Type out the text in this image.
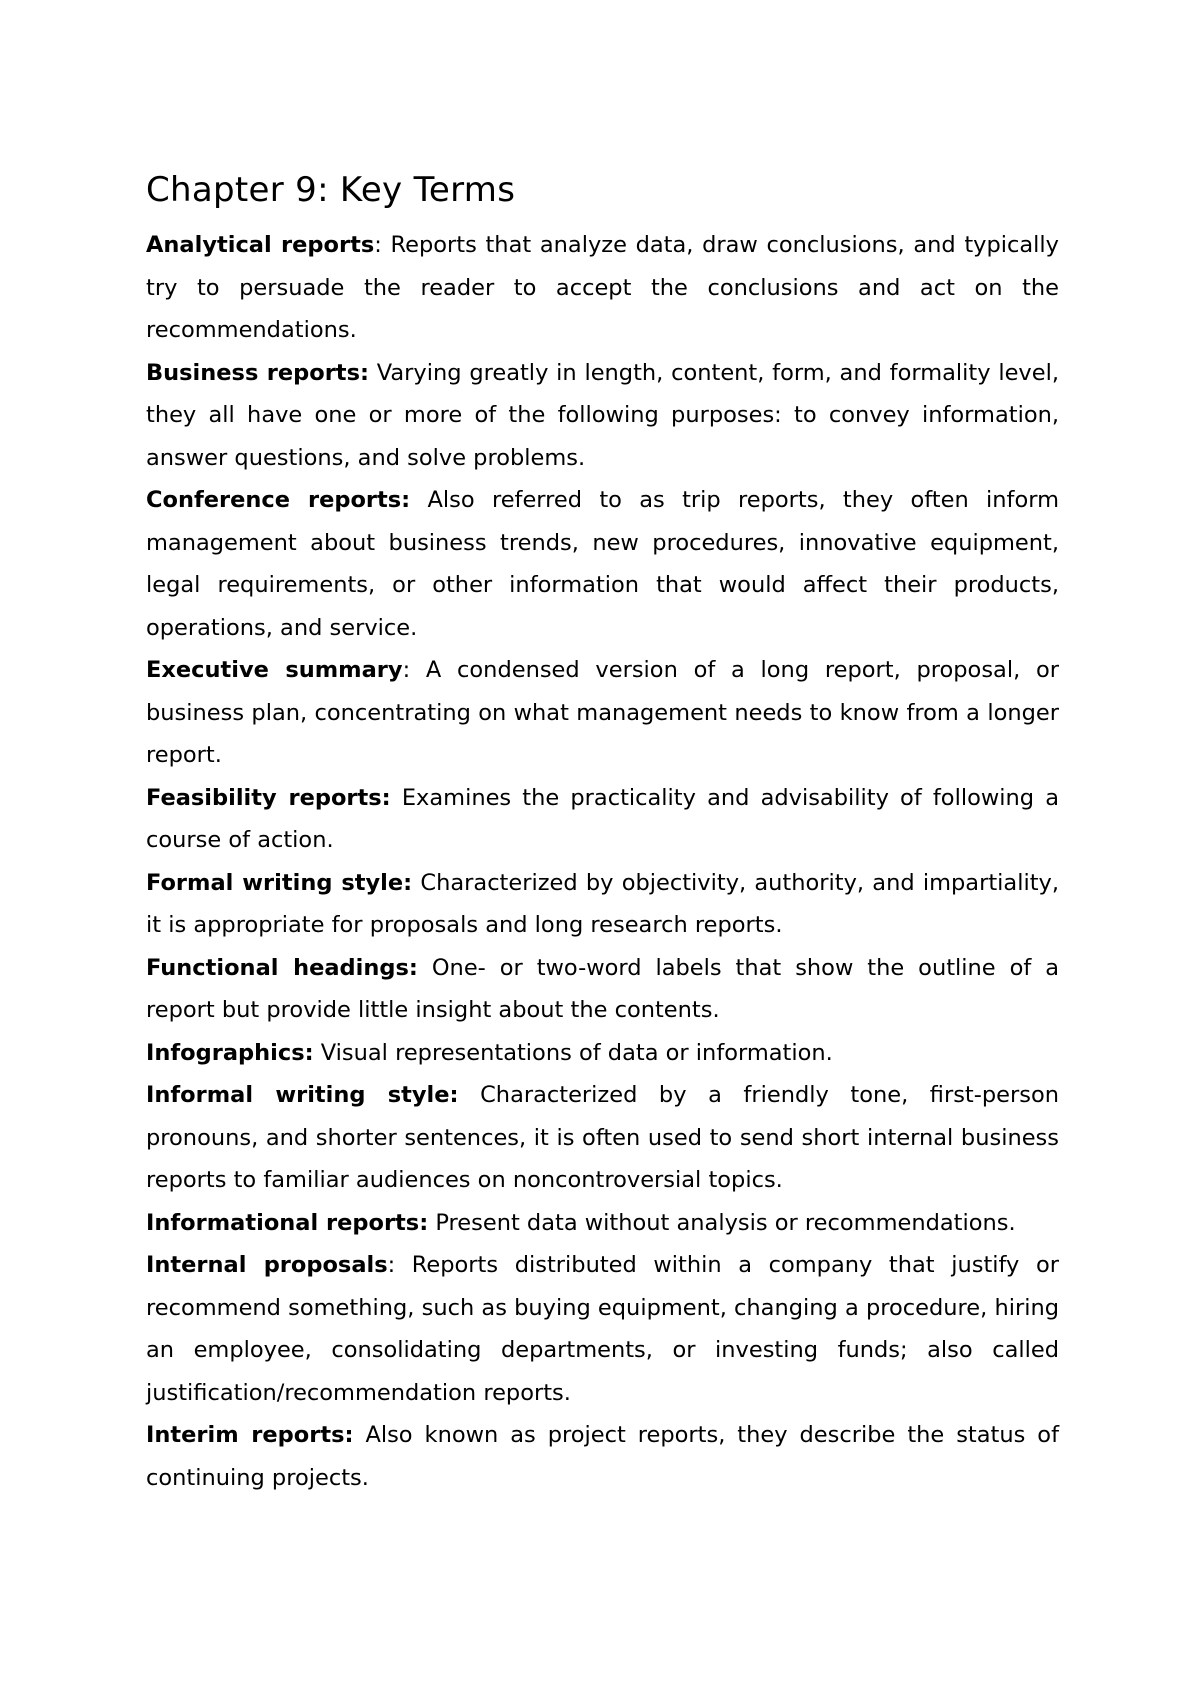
Chapter 9: Key Terms

Analytical reports: Reports that analyze data, draw conclusions, and typically try to persuade the reader to accept the conclusions and act on the recommendations.

Business reports: Varying greatly in length, content, form, and formality level, they all have one or more of the following purposes: to convey information, answer questions, and solve problems.

Conference reports: Also referred to as trip reports, they often inform management about business trends, new procedures, innovative equipment, legal requirements, or other information that would affect their products, operations, and service.

Executive summary: A condensed version of a long report, proposal, or business plan, concentrating on what management needs to know from a longer report.

Feasibility reports: Examines the practicality and advisability of following a course of action.

Formal writing style: Characterized by objectivity, authority, and impartiality, it is appropriate for proposals and long research reports.

Functional headings: One- or two-word labels that show the outline of a report but provide little insight about the contents.

Infographics: Visual representations of data or information.

Informal writing style: Characterized by a friendly tone, first-person pronouns, and shorter sentences, it is often used to send short internal business reports to familiar audiences on noncontroversial topics.

Informational reports: Present data without analysis or recommendations.

Internal proposals: Reports distributed within a company that justify or recommend something, such as buying equipment, changing a procedure, hiring an employee, consolidating departments, or investing funds; also called justification/recommendation reports.

Interim reports: Also known as project reports, they describe the status of continuing projects.
